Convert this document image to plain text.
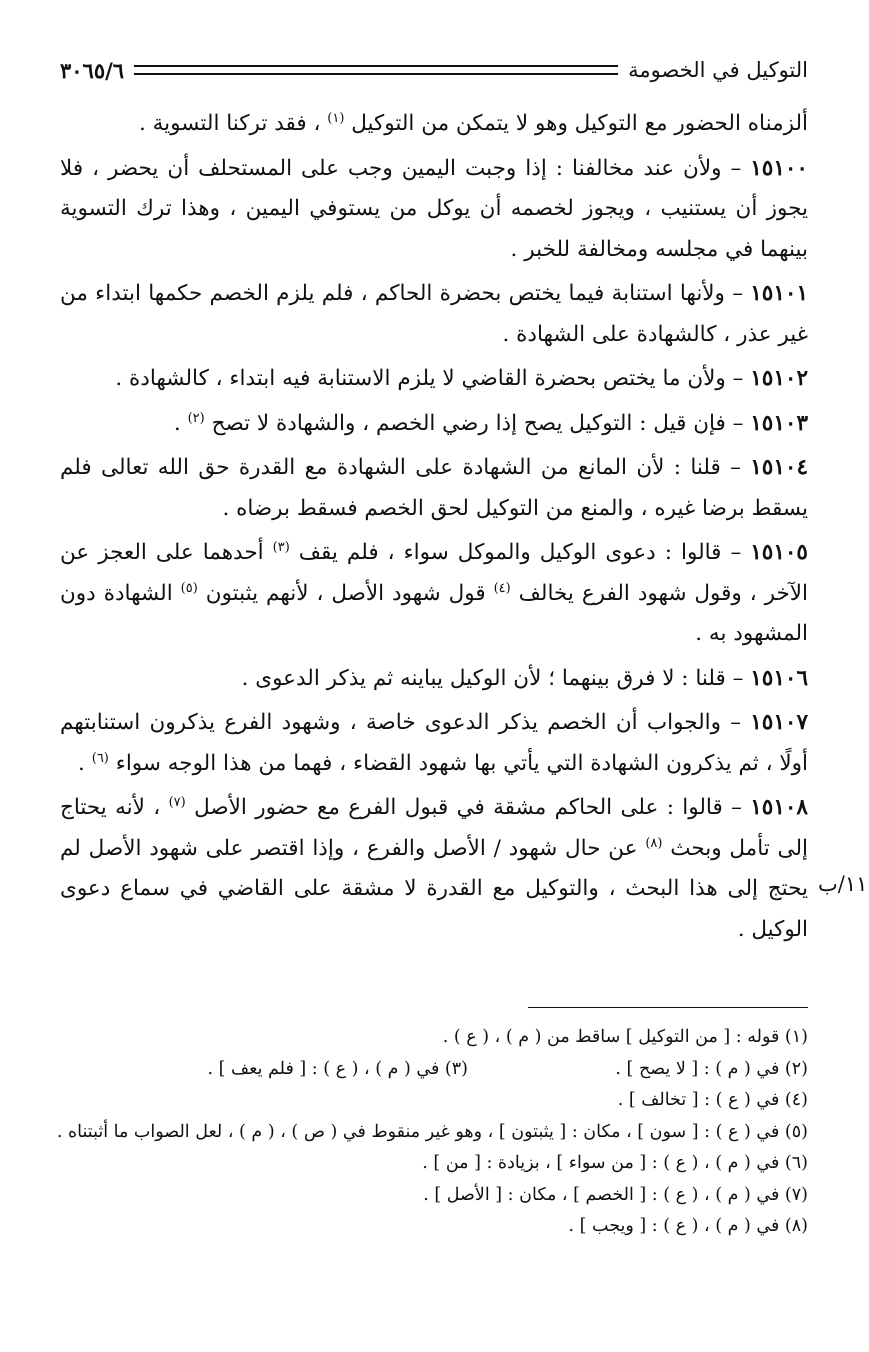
التوكيل في الخصومة
٣٠٦٥/٦

ألزمناه الحضور مع التوكيل وهو لا يتمكن من التوكيل $^{(١)}$ ، فقد تركنا التسوية .

١٥١٠٠ – ولأن عند مخالفنا : إذا وجبت اليمين وجب على المستحلف أن يحضر ، فلا يجوز أن يستنيب ، ويجوز لخصمه أن يوكل من يستوفي اليمين ، وهذا ترك التسوية بينهما في مجلسه ومخالفة للخبر .

١٥١٠١ – ولأنها استنابة فيما يختص بحضرة الحاكم ، فلم يلزم الخصم حكمها ابتداء من غير عذر ، كالشهادة على الشهادة .

١٥١٠٢ – ولأن ما يختص بحضرة القاضي لا يلزم الاستنابة فيه ابتداء ، كالشهادة .

١٥١٠٣ – فإن قيل : التوكيل يصح إذا رضي الخصم ، والشهادة لا تصح $^{(٢)}$ .

١٥١٠٤ – قلنا : لأن المانع من الشهادة على الشهادة مع القدرة حق الله تعالى فلم يسقط برضا غيره ، والمنع من التوكيل لحق الخصم فسقط برضاه .

١٥١٠٥ – قالوا : دعوى الوكيل والموكل سواء ، فلم يقف $^{(٣)}$ أحدهما على العجز عن الآخر ، وقول شهود الفرع يخالف $^{(٤)}$ قول شهود الأصل ، لأنهم يثبتون $^{(٥)}$ الشهادة دون المشهود به .

١٥١٠٦ – قلنا : لا فرق بينهما ؛ لأن الوكيل يباينه ثم يذكر الدعوى .

١٥١٠٧ – والجواب أن الخصم يذكر الدعوى خاصة ، وشهود الفرع يذكرون استنابتهم أولًا ، ثم يذكرون الشهادة التي يأتي بها شهود القضاء ، فهما من هذا الوجه سواء $^{(٦)}$ .

١٥١٠٨ – قالوا : على الحاكم مشقة في قبول الفرع مع حضور الأصل $^{(٧)}$ ، لأنه يحتاج إلى تأمل وبحث $^{(٨)}$ عن حال شهود / الأصل والفرع ، وإذا اقتصر على شهود الأصل لم يحتج إلى هذا البحث ، والتوكيل مع القدرة لا مشقة على القاضي في سماع دعوى الوكيل .

١١/ب
(١) قوله : [ من التوكيل ] ساقط من ( م ) ، ( ع ) .
(٢) في ( م ) : [ لا يصح ] .
(٣) في ( م ) ، ( ع ) : [ فلم يعف ] .
(٤) في ( ع ) : [ تخالف ] .
(٥) في ( ع ) : [ سون ] ، مكان : [ يثبتون ] ، وهو غير منقوط في ( ص ) ، ( م ) ، لعل الصواب ما أثبتناه .
(٦) في ( م ) ، ( ع ) : [ من سواء ] ، بزيادة : [ من ] .
(٧) في ( م ) ، ( ع ) : [ الخصم ] ، مكان : [ الأصل ] .
(٨) في ( م ) ، ( ع ) : [ ويجب ] .
